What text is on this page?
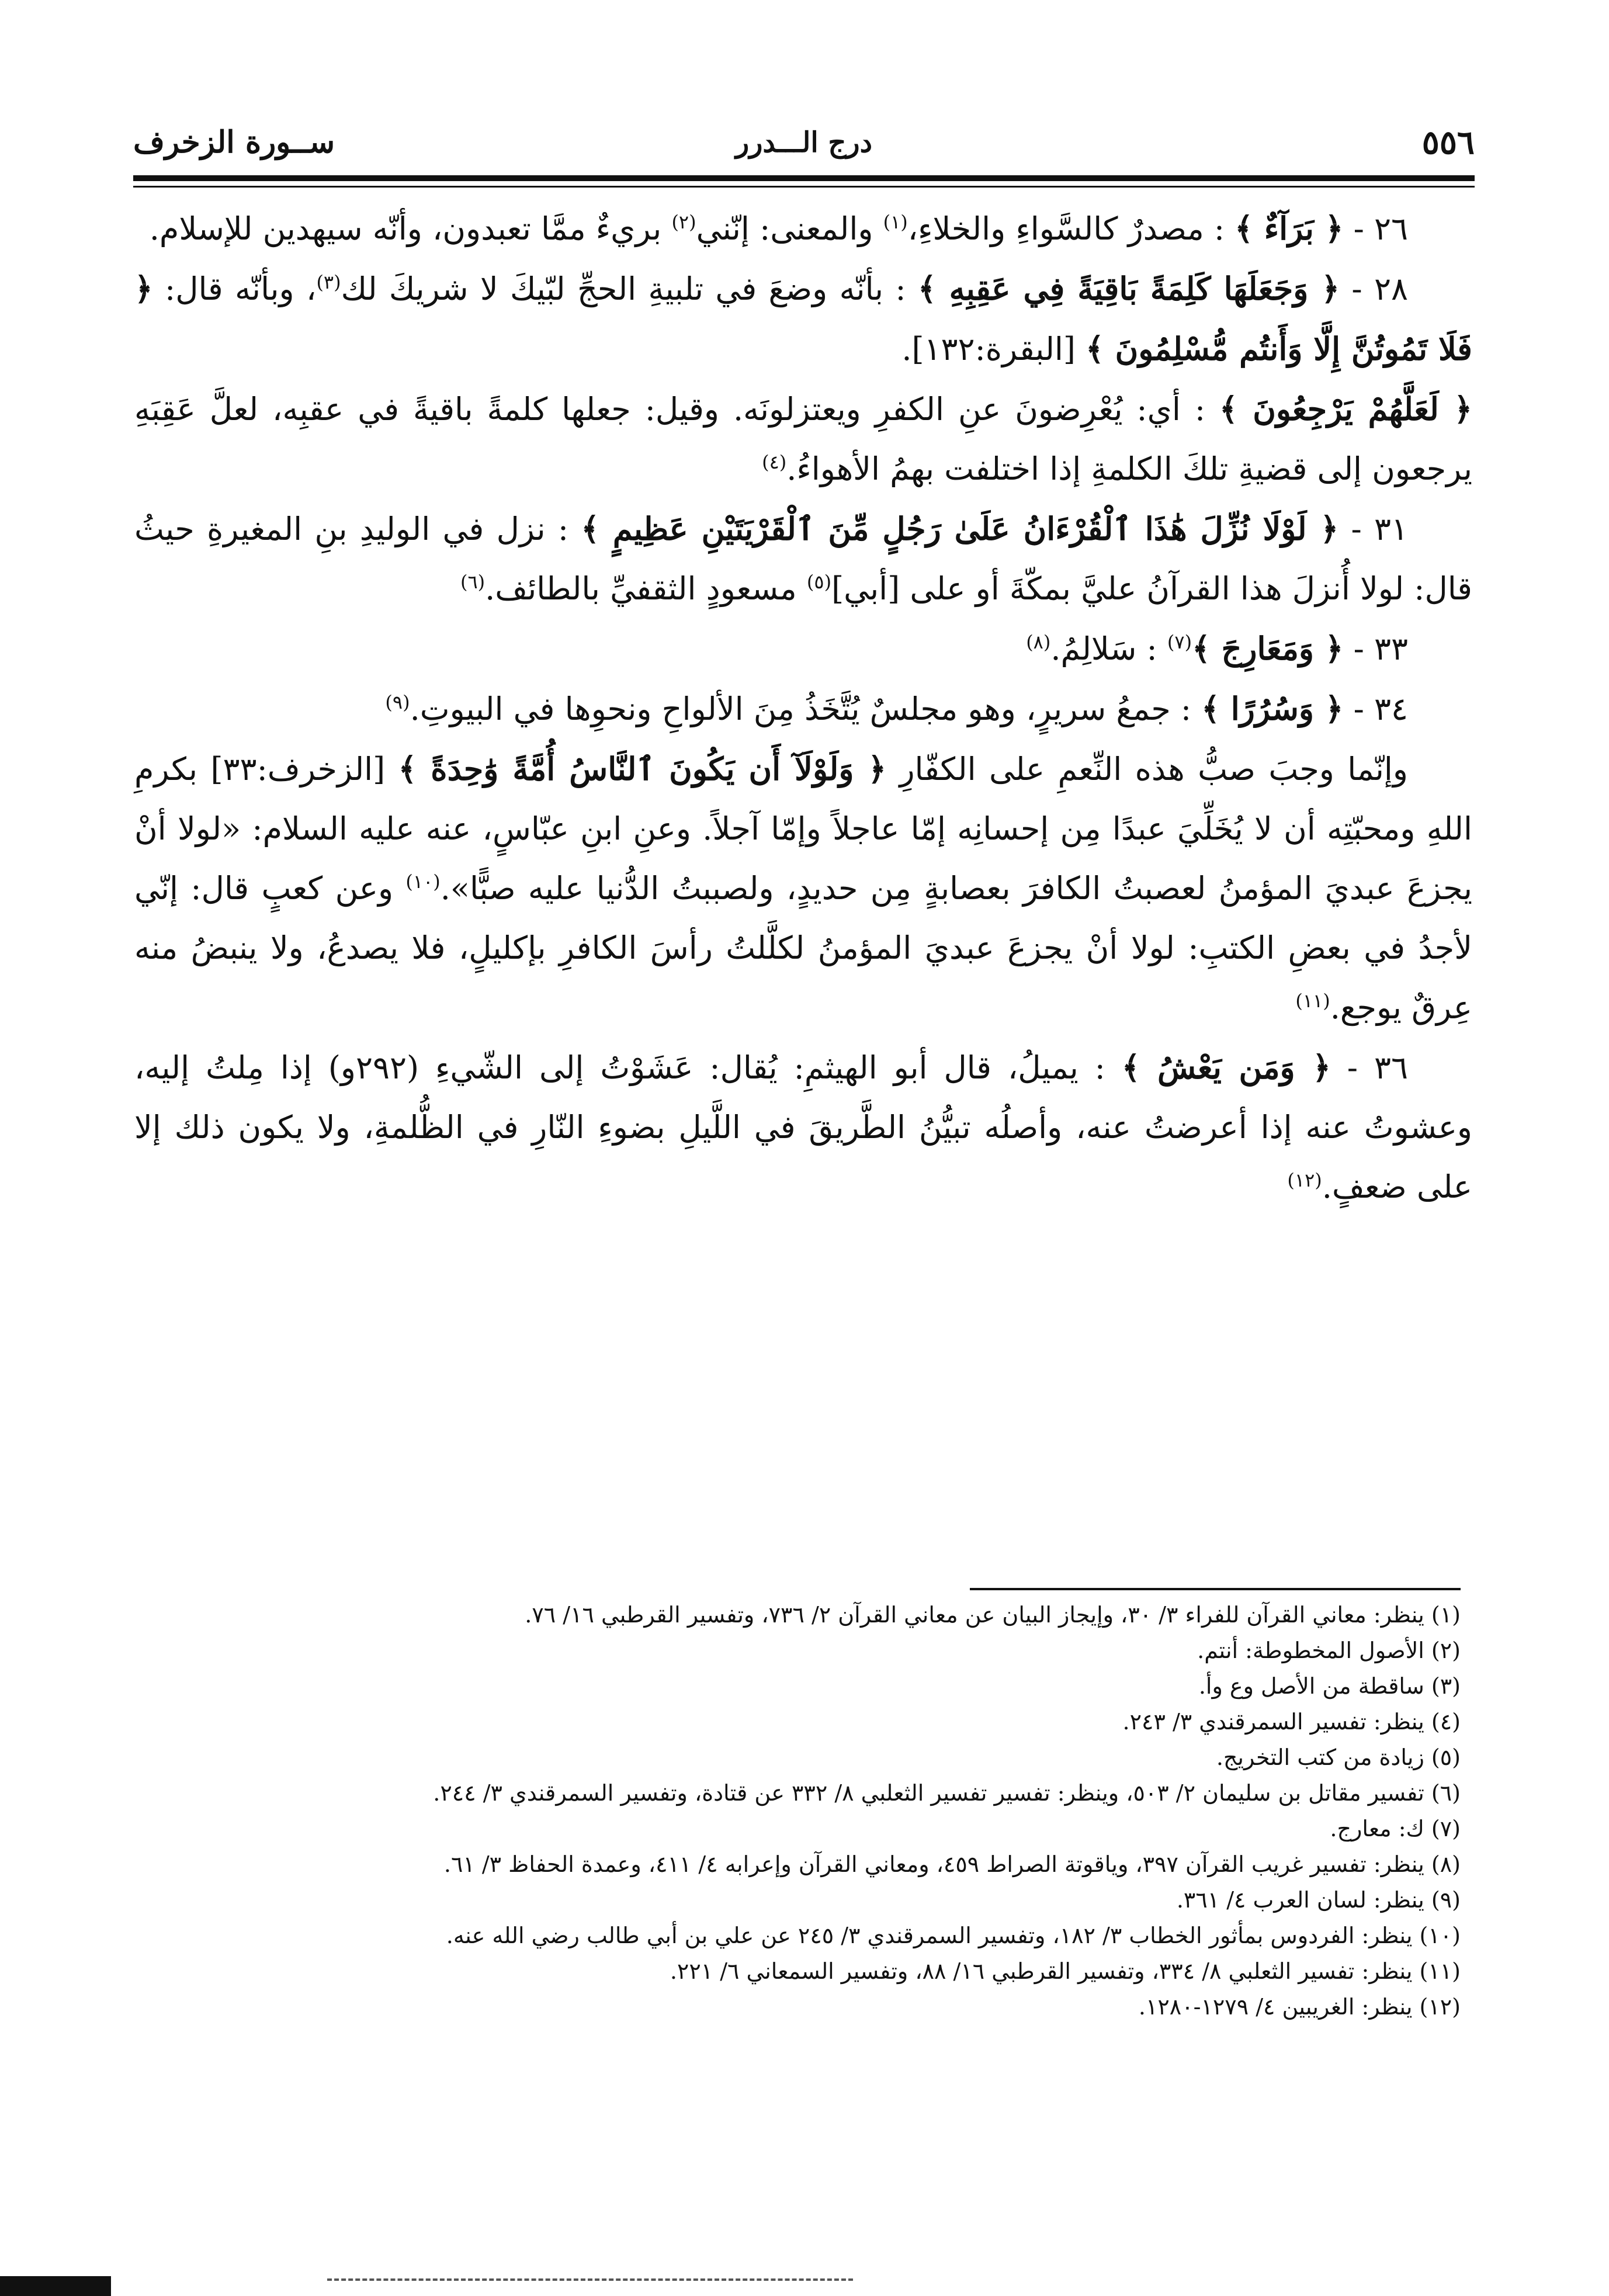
٥٥٦
درج الـــدرر
ســورة الزخرف

٢٦ - ﴿ بَرَآءٌ ﴾ : مصدرٌ كالسَّواءِ والخلاءِ،$^{(١)}$ والمعنى: إنّني$^{(٢)}$ بريءٌ ممَّا تعبدون، وأنّه سيهدين للإسلام.

٢٨ - ﴿ وَجَعَلَهَا كَلِمَةً بَاقِيَةً فِي عَقِبِهِ ﴾ : بأنّه وضعَ في تلبيةِ الحجِّ لبّيكَ لا شريكَ لك$^{(٣)}$، وبأنّه قال: ﴿ فَلَا تَمُوتُنَّ إِلَّا وَأَنتُم مُّسْلِمُونَ ﴾ [البقرة:١٣٢].

﴿ لَعَلَّهُمْ يَرْجِعُونَ ﴾ : أي: يُعْرِضونَ عنِ الكفرِ ويعتزلونَه. وقيل: جعلها كلمةً باقيةً في عقبِه، لعلَّ عَقِبَهِ يرجعون إلى قضيةِ تلكَ الكلمةِ إذا اختلفت بهمُ الأهواءُ.$^{(٤)}$

٣١ - ﴿ لَوْلَا نُزِّلَ هَٰذَا ٱلْقُرْءَانُ عَلَىٰ رَجُلٍ مِّنَ ٱلْقَرْيَتَيْنِ عَظِيمٍ ﴾ : نزل في الوليدِ بنِ المغيرةِ حيثُ قال: لولا أُنزلَ هذا القرآنُ عليَّ بمكّةَ أو على [أبي]$^{(٥)}$ مسعودٍ الثقفيِّ بالطائف.$^{(٦)}$

٣٣ - ﴿ وَمَعَارِجَ ﴾$^{(٧)}$ : سَلالِمُ.$^{(٨)}$

٣٤ - ﴿ وَسُرُرًا ﴾ : جمعُ سريرٍ، وهو مجلسٌ يُتَّخَذُ مِنَ الألواحِ ونحوِها في البيوتِ.$^{(٩)}$

وإنّما وجبَ صبُّ هذه النِّعمِ على الكفّارِ ﴿ وَلَوْلَآ أَن يَكُونَ ٱلنَّاسُ أُمَّةً وَٰحِدَةً ﴾ [الزخرف:٣٣] بكرمِ اللهِ ومحبّتِه أن لا يُخَلِّيَ عبدًا مِن إحسانِه إمّا عاجلاً وإمّا آجلاً. وعنِ ابنِ عبّاسٍ، عنه عليه السلام: «لولا أنْ يجزعَ عبديَ المؤمنُ لعصبتُ الكافرَ بعصابةٍ مِن حديدٍ، ولصببتُ الدُّنيا عليه صبًّا».$^{(١٠)}$ وعن كعبٍ قال: إنّي لأجدُ في بعضِ الكتبِ: لولا أنْ يجزعَ عبديَ المؤمنُ لكلَّلتُ رأسَ الكافرِ بإكليلٍ، فلا يصدعُ، ولا ينبضُ منه عِرقٌ يوجع.$^{(١١)}$

٣٦ - ﴿ وَمَن يَعْشُ ﴾ : يميلُ، قال أبو الهيثمِ: يُقال: عَشَوْتُ إلى الشّيءِ (٢٩٢و) إذا مِلتُ إليه، وعشوتُ عنه إذا أعرضتُ عنه، وأصلُه تبيُّنُ الطَّريقَ في اللَّيلِ بضوءِ النّارِ في الظُّلمةِ، ولا يكون ذلك إلا على ضعفٍ.$^{(١٢)}$

(١) ينظر: معاني القرآن للفراء ٣/ ٣٠، وإيجاز البيان عن معاني القرآن ٢/ ٧٣٦، وتفسير القرطبي ١٦/ ٧٦.

(٢) الأصول المخطوطة: أنتم.

(٣) ساقطة من الأصل وع وأ.

(٤) ينظر: تفسير السمرقندي ٣/ ٢٤٣.

(٥) زيادة من كتب التخريج.

(٦) تفسير مقاتل بن سليمان ٢/ ٥٠٣، وينظر: تفسير تفسير الثعلبي ٨/ ٣٣٢ عن قتادة، وتفسير السمرقندي ٣/ ٢٤٤.

(٧) ك: معارج.

(٨) ينظر: تفسير غريب القرآن ٣٩٧، وياقوتة الصراط ٤٥٩، ومعاني القرآن وإعرابه ٤/ ٤١١، وعمدة الحفاظ ٣/ ٦١.

(٩) ينظر: لسان العرب ٤/ ٣٦١.

(١٠) ينظر: الفردوس بمأثور الخطاب ٣/ ١٨٢، وتفسير السمرقندي ٣/ ٢٤٥ عن علي بن أبي طالب رضي الله عنه.

(١١) ينظر: تفسير الثعلبي ٨/ ٣٣٤، وتفسير القرطبي ١٦/ ٨٨، وتفسير السمعاني ٦/ ٢٢١.

(١٢) ينظر: الغريبين ٤/ ١٢٧٩-١٢٨٠.
